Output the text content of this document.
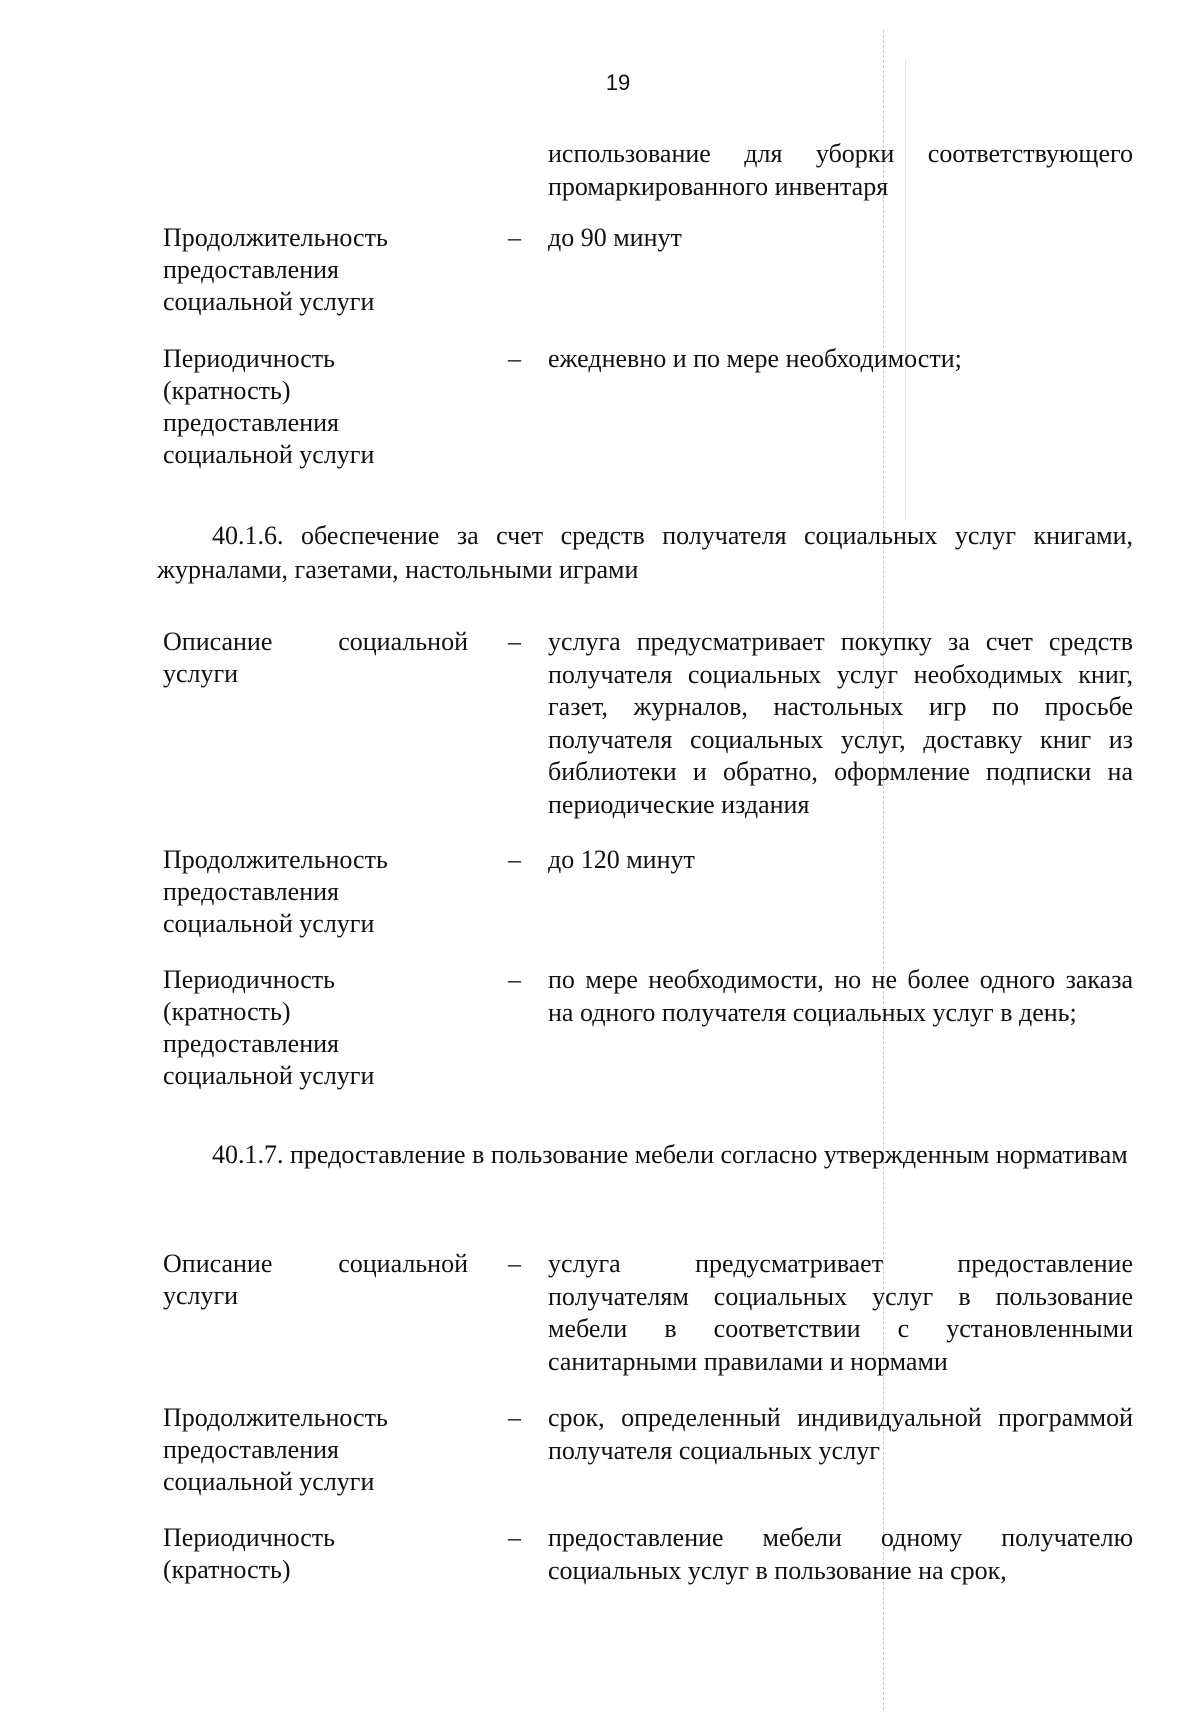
19
использование для уборки соответствующего промаркированного инвентаря
Продолжительность предоставления социальной услуги
– до 90 минут
Периодичность (кратность) предоставления социальной услуги
– ежедневно и по мере необходимости;
40.1.6. обеспечение за счет средств получателя социальных услуг книгами, журналами, газетами, настольными играми
Описание социальной услуги
– услуга предусматривает покупку за счет средств получателя социальных услуг необходимых книг, газет, журналов, настольных игр по просьбе получателя социальных услуг, доставку книг из библиотеки и обратно, оформление подписки на периодические издания
Продолжительность предоставления социальной услуги
– до 120 минут
Периодичность (кратность) предоставления социальной услуги
– по мере необходимости, но не более одного заказа на одного получателя социальных услуг в день;
40.1.7. предоставление в пользование мебели согласно утвержденным нормативам
Описание социальной услуги
– услуга предусматривает предоставление получателям социальных услуг в пользование мебели в соответствии с установленными санитарными правилами и нормами
Продолжительность предоставления социальной услуги
– срок, определенный индивидуальной программой получателя социальных услуг
Периодичность (кратность)
– предоставление мебели одному получателю социальных услуг в пользование на срок,
